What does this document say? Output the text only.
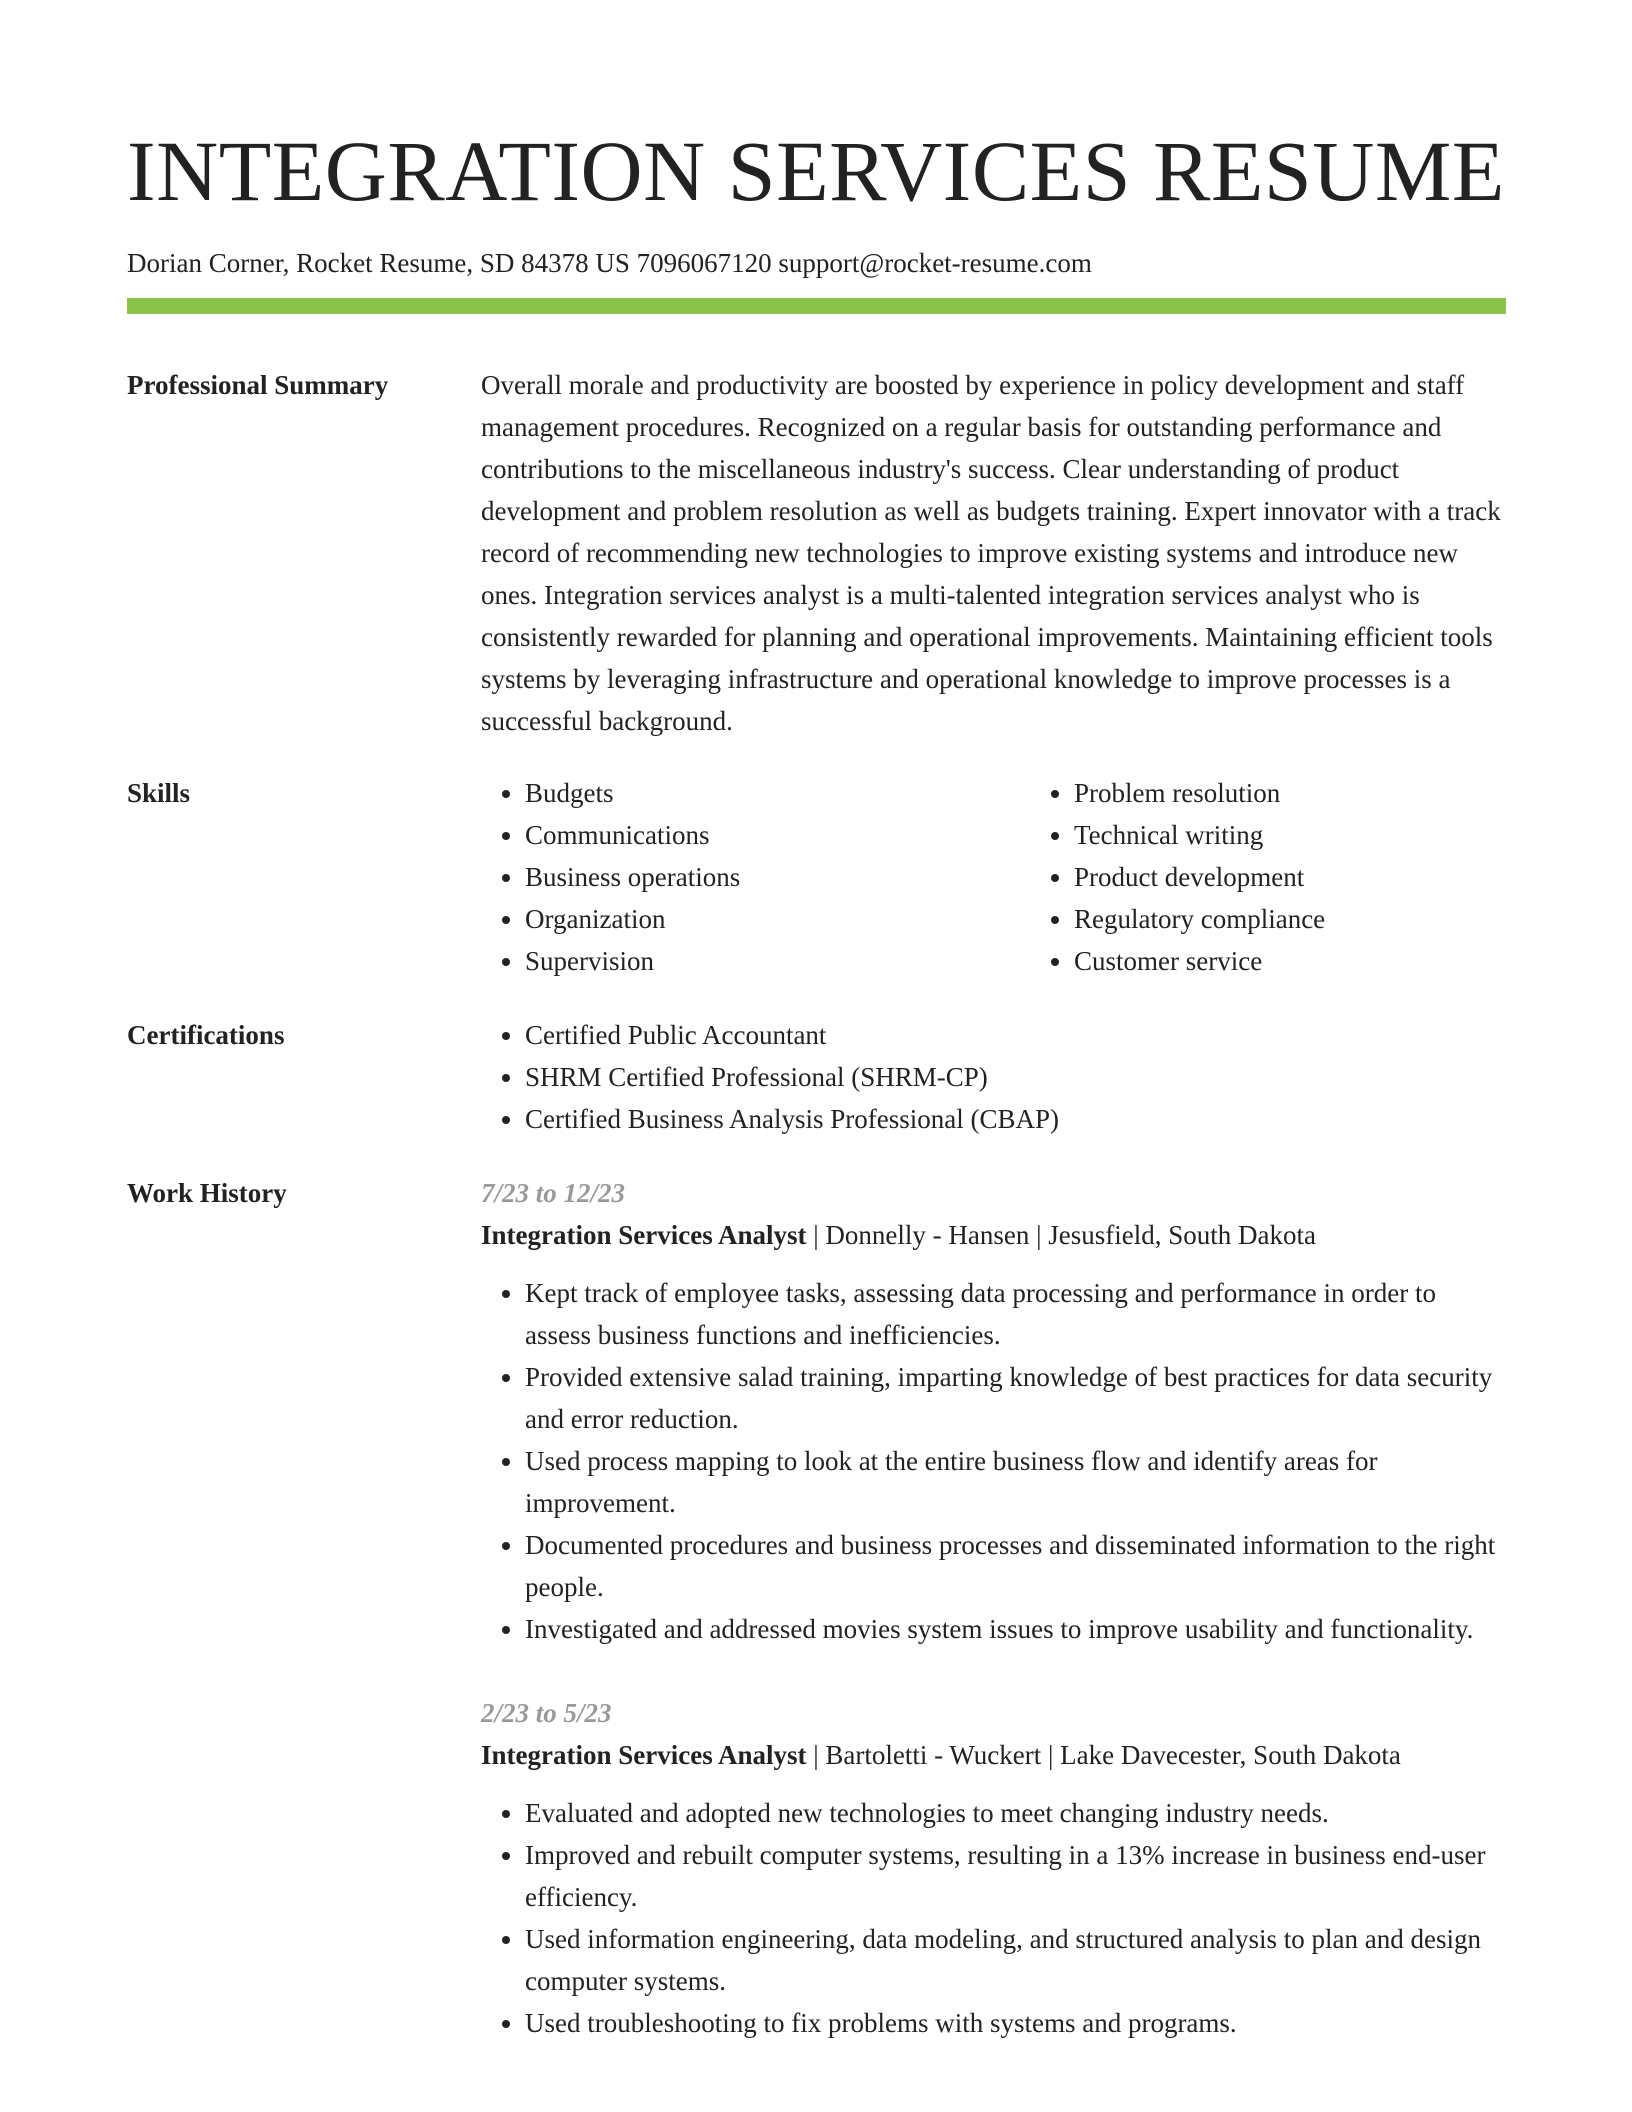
INTEGRATION SERVICES RESUME
Dorian Corner, Rocket Resume, SD 84378 US 7096067120 support@rocket-resume.com
Professional Summary	Overall morale and productivity are boosted by experience in policy development and staff management procedures. Recognized on a regular basis for outstanding performance and contributions to the miscellaneous industry's success. Clear understanding of product development and problem resolution as well as budgets training. Expert innovator with a track record of recommending new technologies to improve existing systems and introduce new ones. Integration services analyst is a multi-talented integration services analyst who is consistently rewarded for planning and operational improvements. Maintaining efficient tools systems by leveraging infrastructure and operational knowledge to improve processes is a successful background.

Skills	• Budgets
• Communications
• Business operations
• Organization
• Supervision
• Problem resolution
• Technical writing
• Product development
• Regulatory compliance
• Customer service
Certifications	• Certified Public Accountant
• SHRM Certified Professional (SHRM-CP)
• Certified Business Analysis Professional (CBAP)
Work History	7/23 to 12/23
Integration Services Analyst | Donnelly - Hansen | Jesusfield, South Dakota
• Kept track of employee tasks, assessing data processing and performance in order to assess business functions and inefficiencies.
• Provided extensive salad training, imparting knowledge of best practices for data security and error reduction.
• Used process mapping to look at the entire business flow and identify areas for improvement.
• Documented procedures and business processes and disseminated information to the right people.
• Investigated and addressed movies system issues to improve usability and functionality.
2/23 to 5/23
Integration Services Analyst | Bartoletti - Wuckert | Lake Davecester, South Dakota
• Evaluated and adopted new technologies to meet changing industry needs.
• Improved and rebuilt computer systems, resulting in a 13% increase in business end-user efficiency.
• Used information engineering, data modeling, and structured analysis to plan and design computer systems.
• Used troubleshooting to fix problems with systems and programs.
